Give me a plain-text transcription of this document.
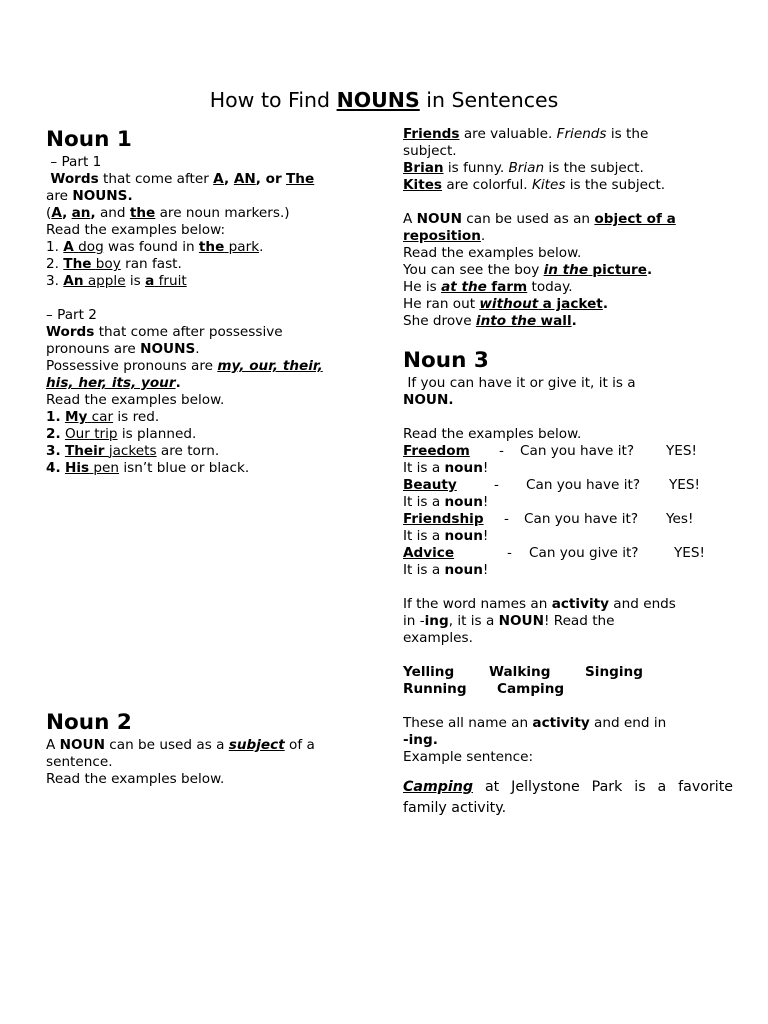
How to Find NOUNS in Sentences
Noun 1
– Part 1
Words that come after A, AN, or The
are NOUNS.
(A, an, and the are noun markers.)
Read the examples below:
1. A dog was found in the park.
2. The boy ran fast.
3. An apple is a fruit
– Part 2
Words that come after possessive
pronouns are NOUNS.
Possessive pronouns are my, our, their,
his, her, its, your.
Read the examples below.
1. My car is red.
2. Our trip is planned.
3. Their jackets are torn.
4. His pen isn’t blue or black.
Noun 2
A NOUN can be used as a subject of a
sentence.
Read the examples below.
Friends are valuable. Friends is the
subject.
Brian is funny. Brian is the subject.
Kites are colorful. Kites is the subject.
A NOUN can be used as an object of a
reposition.
Read the examples below.
You can see the boy in the picture.
He is at the farm today.
He ran out without a jacket.
She drove into the wall.
Noun 3
If you can have it or give it, it is a
NOUN.
Read the examples below.
Freedom - Can you have it? YES!
It is a noun!
Beauty	- Can you have it? YES!
It is a noun!
Friendship - Can you have it? Yes!
It is a noun!
Advice	- Can you give it?	YES!
It is a noun!
If the word names an activity and ends
in -ing, it is a NOUN! Read the
examples.
Yelling	Walking	Singing
Running Camping
These all name an activity and end in
-ing.
Example sentence:
Camping at Jellystone Park is a favorite family activity.
